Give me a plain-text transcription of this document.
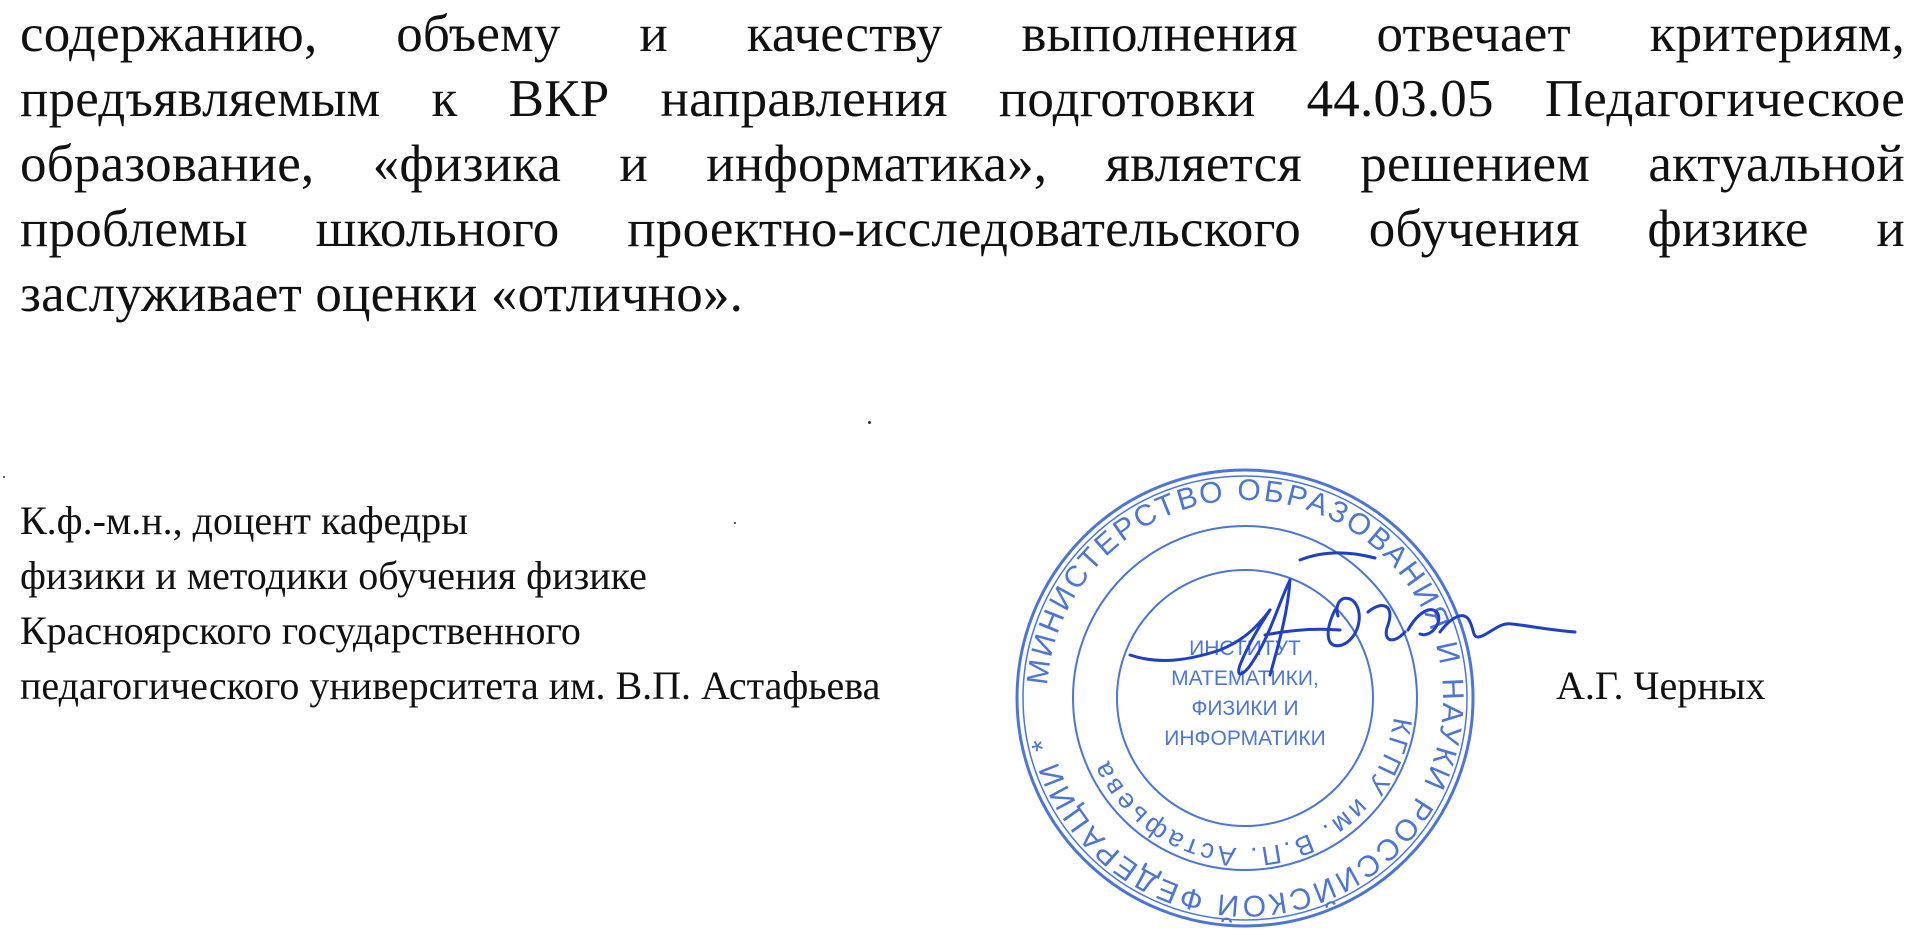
содержанию, объему и качеству выполнения отвечает критериям,
предъявляемым к ВКР направления подготовки 44.03.05 Педагогическое
образование, «физика и информатика», является решением актуальной
проблемы школьного проектно-исследовательского обучения физике и
заслуживает оценки «отлично».
К.ф.-м.н., доцент кафедры
физики и методики обучения физике
Красноярского государственного
педагогического университета им. В.П. Астафьева	МИНИСТЕРСТВО ОБРАЗОВАНИЯ И НАУКИ РОССИЙСКОЙ ФЕДЕРАЦИИ *
КГПУ им. В.П. Астафьева
ИНСТИТУТ
МАТЕМАТИКИ,
ФИЗИКИ И
ИНФОРМАТИКИ
А.Г. Черных
